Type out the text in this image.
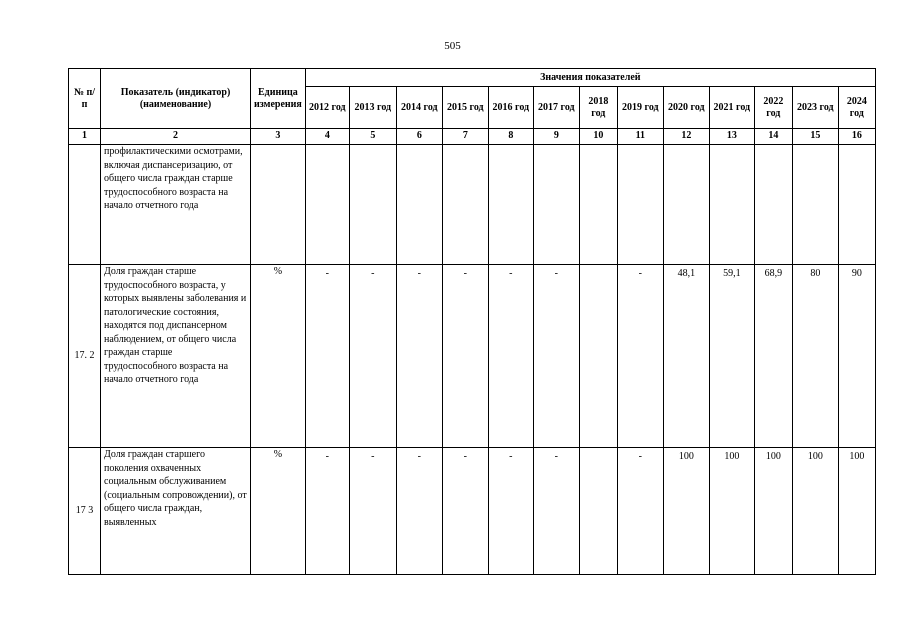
505
№ п/п	Показатель (индикатор) (наименование)	Единица измерения	Значения показателей												
			2012 год	2013 год	2014 год	2015 год	2016 год	2017 год	2018 год	2019 год	2020 год	2021 год	2022 год	2023 год	2024 год
1	2	3	4	5	6	7	8	9	10	11	12	13	14	15	16
	профилактическими осмотрами, включая диспансеризацию, от общего числа граждан старше трудоспособного возраста на начало отчетного года														
17. 2	Доля граждан старше трудоспособного возраста, у которых выявлены заболевания и патологические состояния, находятся под диспансерном наблюдением, от общего числа граждан старше трудоспособного возраста на начало отчетного года	%	-	-	-	-	-	-		-	48,1	59,1	68,9	80	90
17 3	Доля граждан старшего поколения охваченных социальным обслуживанием (социальным сопровождении), от общего числа граждан, выявленных	%	-	-	-	-	-	-		-	100	100	100	100	100
